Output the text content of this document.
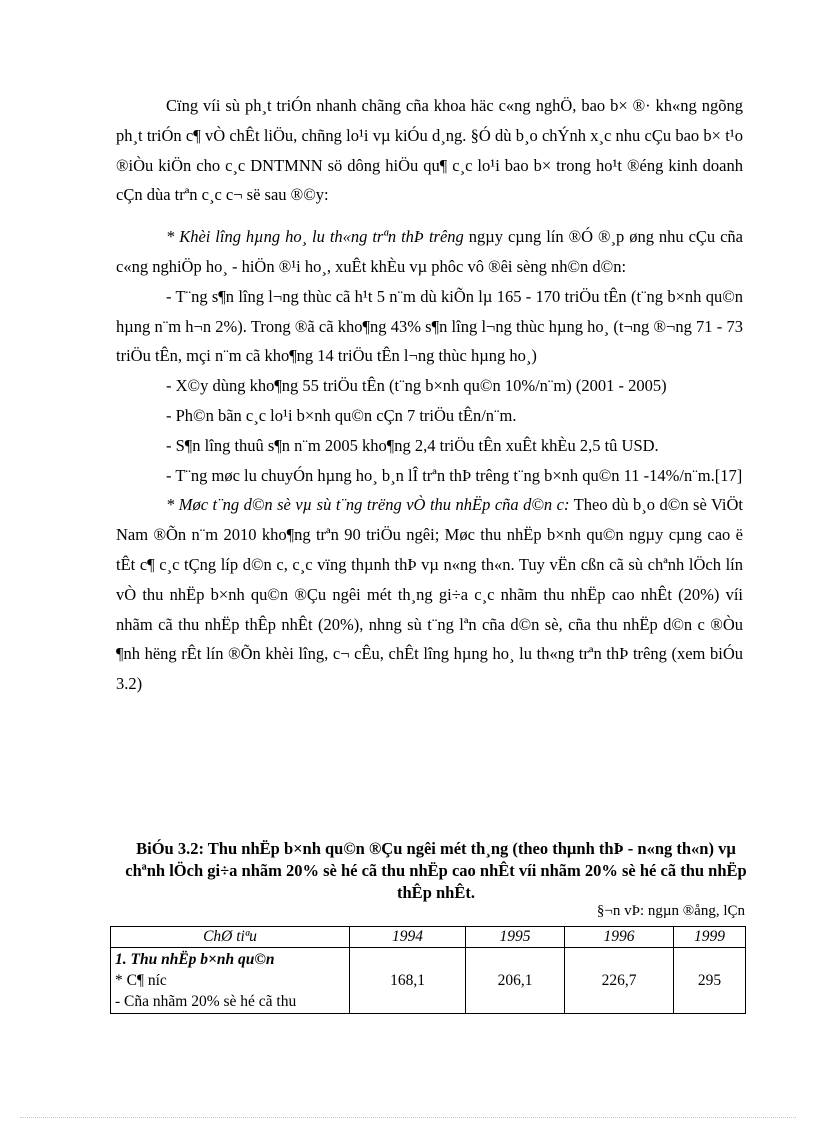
Cïng víi sù ph¸t triÓn nhanh chãng cña khoa häc c«ng nghÖ, bao b× ®· kh«ng ngõng ph¸t triÓn c¶ vÒ chÊt liÖu, chñng lo¹i vµ kiÓu d¸ng. §Ó dù b¸o chÝnh x¸c nhu cÇu bao b× t¹o ®iÒu kiÖn cho c¸c DNTMNN sö dông hiÖu qu¶ c¸c lo¹i bao b× trong ho¹t ®éng kinh doanh cÇn dùa trªn c¸c c¬ së sau ®©y:

* Khèi lîng hµng ho¸ lu th«ng trªn thÞ trêng ngµy cµng lín ®Ó ®¸p øng nhu cÇu cña c«ng nghiÖp ho¸ - hiÖn ®¹i ho¸, xuÊt khÈu vµ phôc vô ®êi sèng nh©n d©n:

- T¨ng s¶n lîng l¬ng thùc cã h¹t 5 n¨m dù kiÕn lµ 165 - 170 triÖu tÊn (t¨ng b×nh qu©n hµng n¨m h¬n 2%). Trong ®ã cã kho¶ng 43% s¶n lîng l¬ng thùc hµng ho¸ (t¬ng ®¬ng 71 - 73 triÖu tÊn, mçi n¨m cã kho¶ng 14 triÖu tÊn l¬ng thùc hµng ho¸)

- X©y dùng kho¶ng 55 triÖu tÊn (t¨ng b×nh qu©n 10%/n¨m) (2001 - 2005)

- Ph©n bãn c¸c lo¹i b×nh qu©n cÇn 7 triÖu tÊn/n¨m.

- S¶n lîng thuû s¶n n¨m 2005 kho¶ng 2,4 triÖu tÊn xuÊt khÈu 2,5 tû USD.

- T¨ng møc lu chuyÓn hµng ho¸ b¸n lÎ trªn thÞ trêng t¨ng b×nh qu©n 11 -14%/n¨m.[17]

* Møc t¨ng d©n sè vµ sù t¨ng trëng vÒ thu nhËp cña d©n c: Theo dù b¸o d©n sè ViÖt Nam ®Õn n¨m 2010 kho¶ng trªn 90 triÖu ngêi; Møc thu nhËp b×nh qu©n ngµy cµng cao ë tÊt c¶ c¸c tÇng líp d©n c, c¸c vïng thµnh thÞ vµ n«ng th«n. Tuy vËn cßn cã sù chªnh lÖch lín vÒ thu nhËp b×nh qu©n ®Çu ngêi mét th¸ng gi÷a c¸c nhãm thu nhËp cao nhÊt (20%) víi nhãm cã thu nhËp thÊp nhÊt (20%), nhng sù t¨ng lªn cña d©n sè, cña thu nhËp d©n c ®Òu ¶nh hëng rÊt lín ®Õn khèi lîng, c¬ cÊu, chÊt lîng hµng ho¸ lu th«ng trªn thÞ trêng (xem biÓu 3.2)

BiÓu 3.2: Thu nhËp b×nh qu©n ®Çu ngêi mét th¸ng (theo thµnh thÞ - n«ng th«n) vµ chªnh lÖch gi÷a nhãm 20% sè hé cã thu nhËp cao nhÊt víi nhãm 20% sè hé cã thu nhËp thÊp nhÊt.
§¬n vÞ: ngµn ®ång, lÇn
ChØ tiªu	1994	1995	1996	1999

1. Thu nhËp b×nh qu©n
* C¶ níc
- Cña nhãm 20% sè hé cã thu	168,1	206,1	226,7	295
